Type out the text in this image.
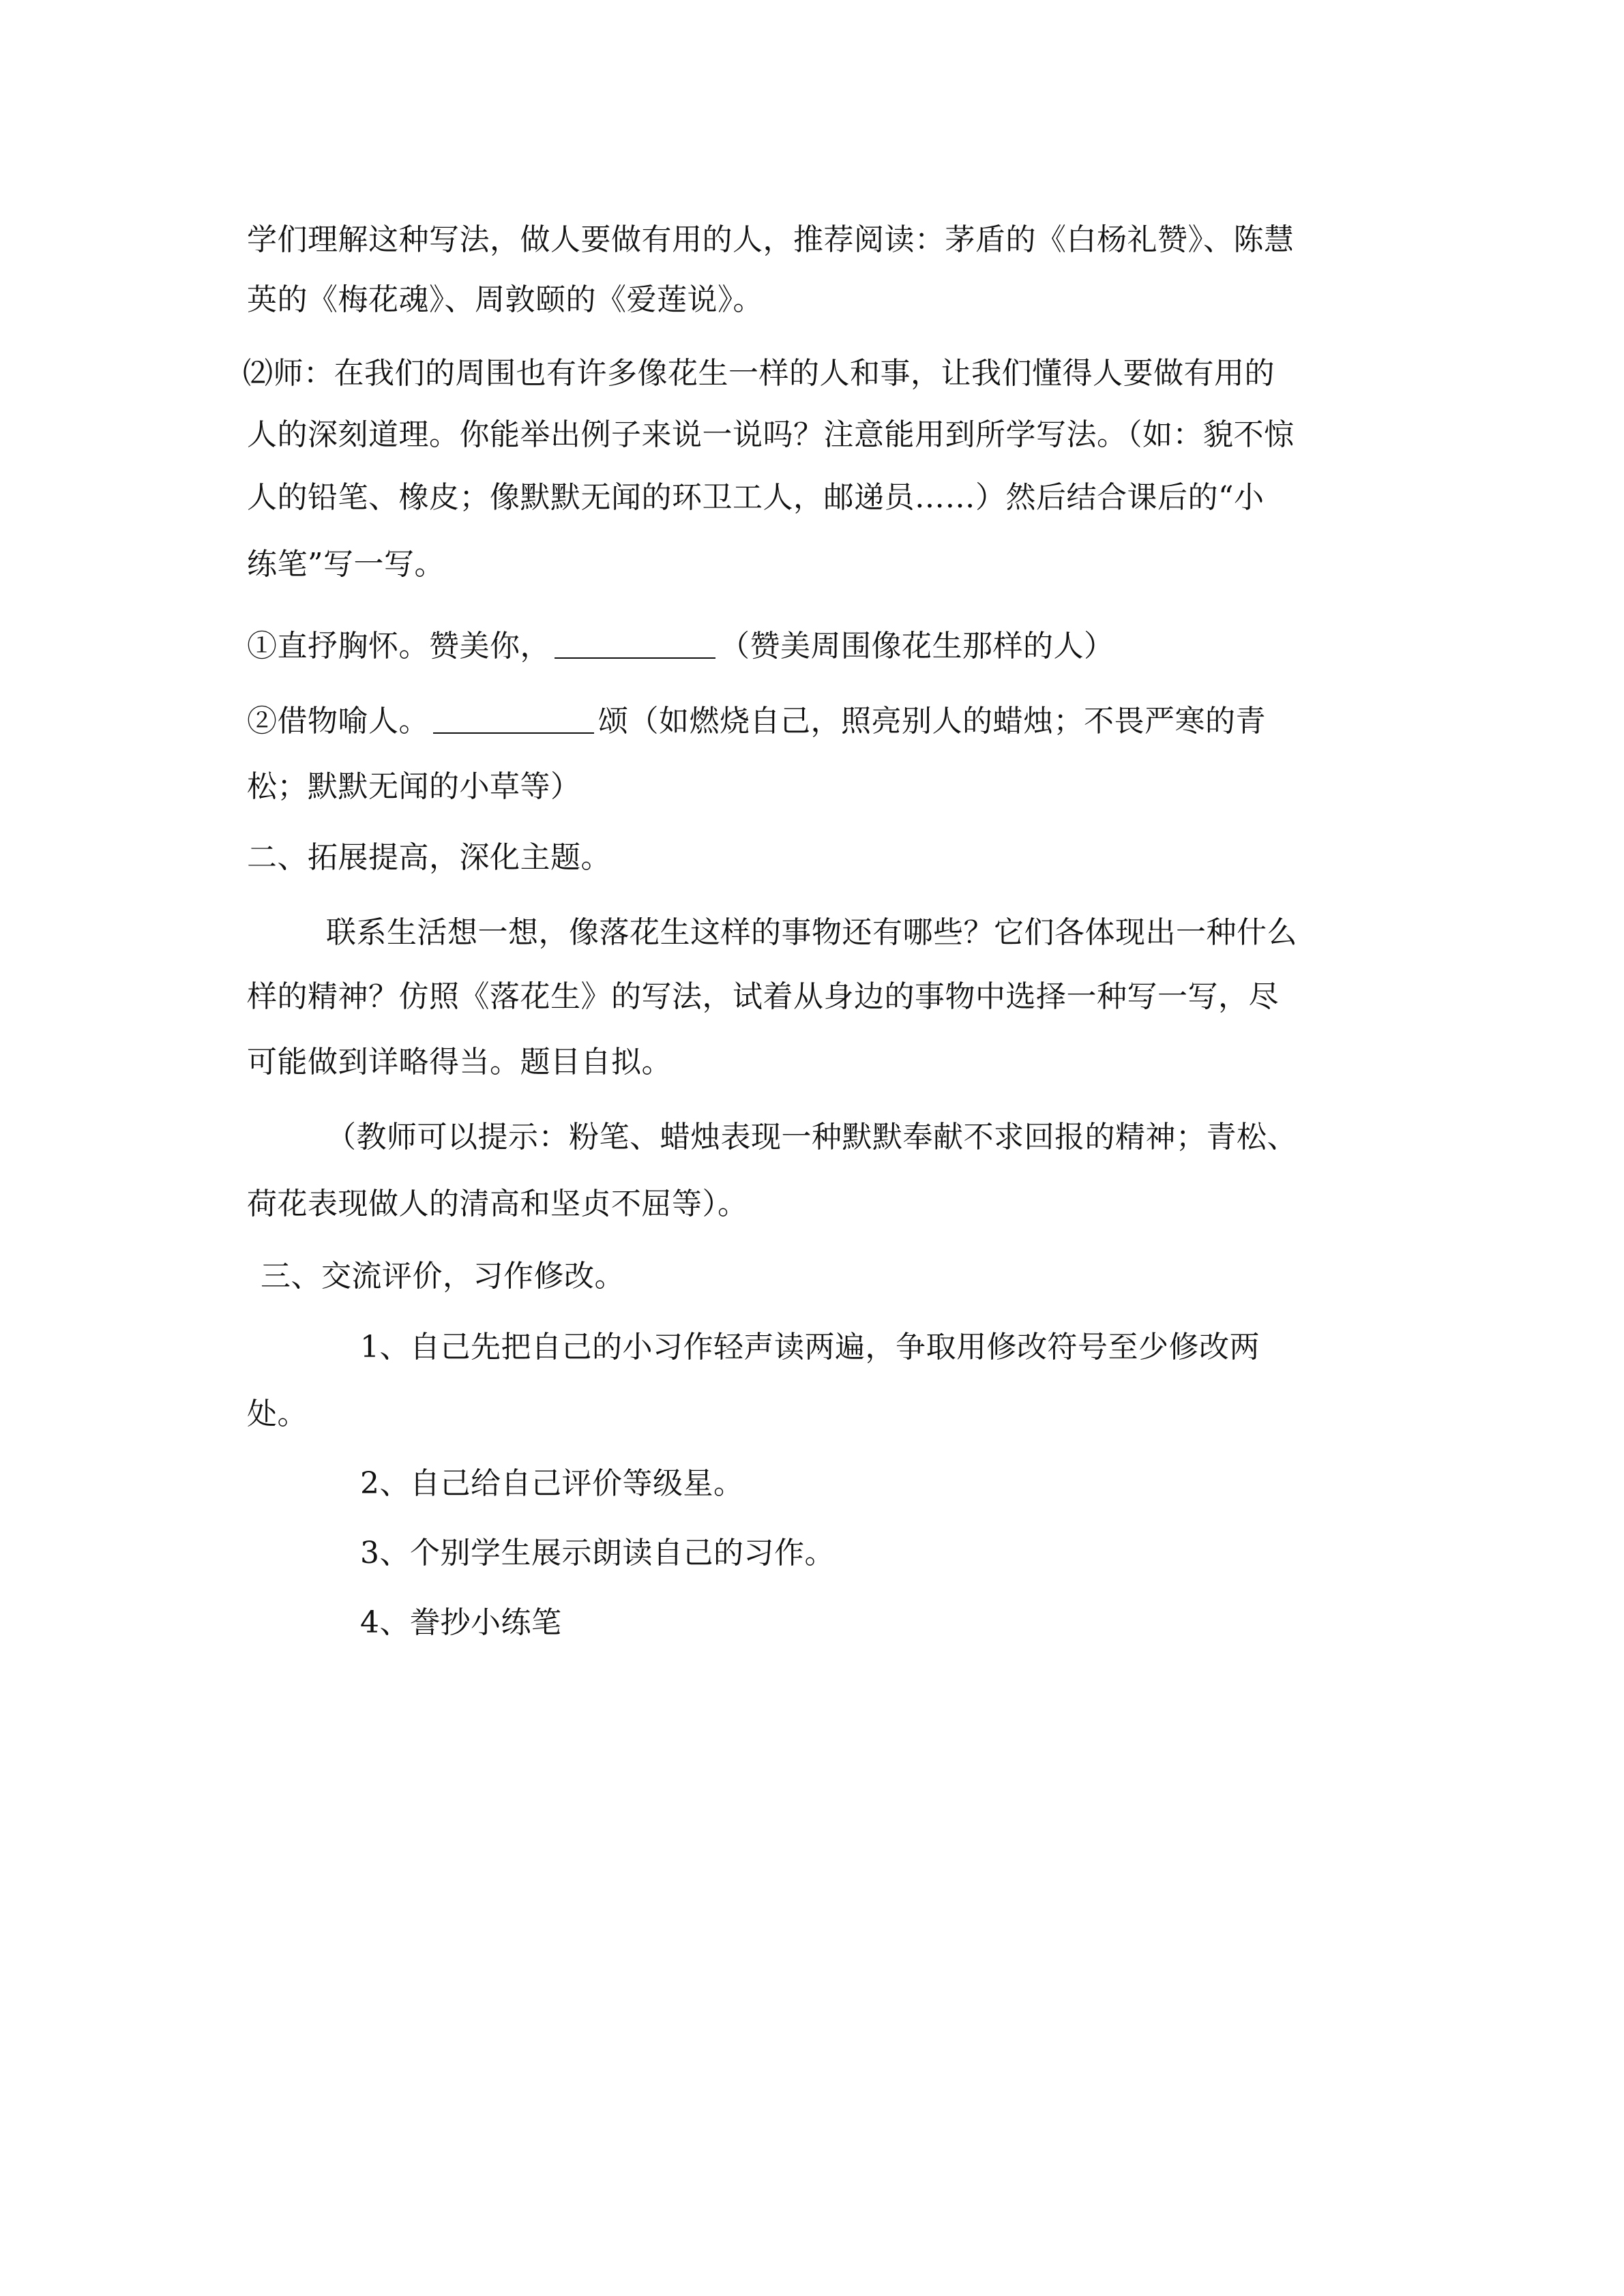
学们理解这种写法，做人要做有用的人，推荐阅读：茅盾的《白杨礼赞》、陈慧
英的《梅花魂》、周敦颐的《爱莲说》。
⑵师：在我们的周围也有许多像花生一样的人和事，让我们懂得人要做有用的
人的深刻道理。你能举出例子来说一说吗？注意能用到所学写法。（如：貌不惊
人的铅笔、橡皮；像默默无闻的环卫工人，邮递员……）然后结合课后的“小
练笔”写一写。
①直抒胸怀。赞美你，	（赞美周围像花生那样的人）
②借物喻人。	颂（如燃烧自己，照亮别人的蜡烛；不畏严寒的青
松；默默无闻的小草等）
二、拓展提高，深化主题。
联系生活想一想，像落花生这样的事物还有哪些？它们各体现出一种什么
样的精神？仿照《落花生》的写法，试着从身边的事物中选择一种写一写，尽
可能做到详略得当。题目自拟。
（教师可以提示：粉笔、蜡烛表现一种默默奉献不求回报的精神；青松、
荷花表现做人的清高和坚贞不屈等）。
三、交流评价，习作修改。
1、自己先把自己的小习作轻声读两遍，争取用修改符号至少修改两
处。
2、自己给自己评价等级星。
3、个别学生展示朗读自己的习作。
4、誊抄小练笔
